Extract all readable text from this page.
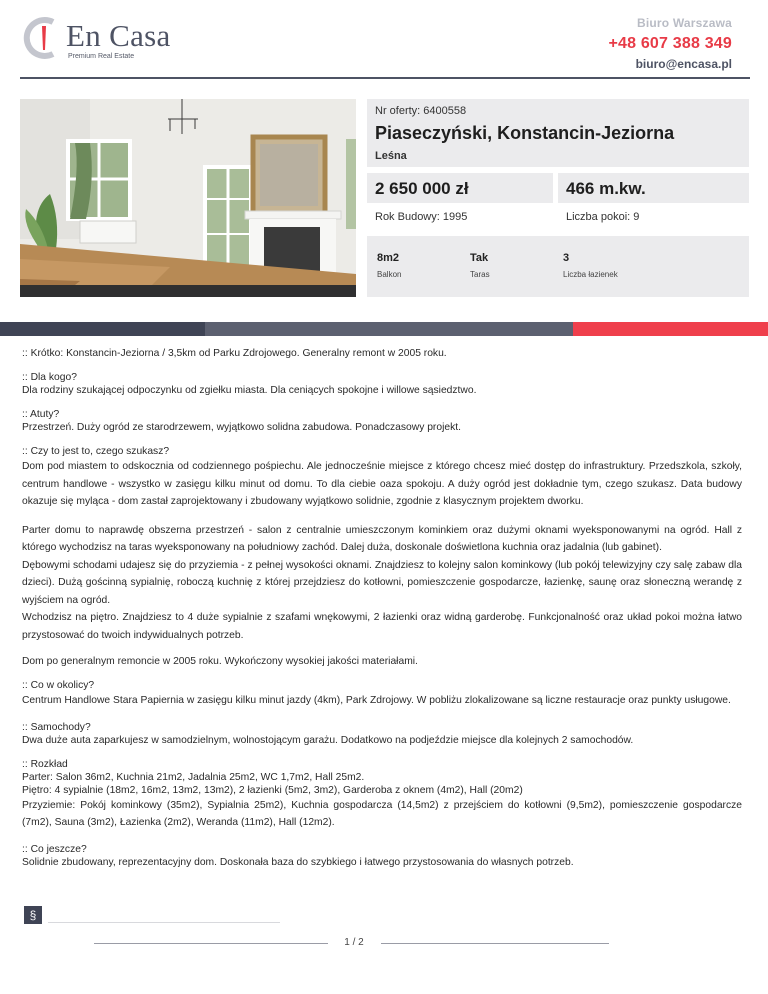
En Casa
Premium Real Estate
Biuro Warszawa
+48 607 388 349
biuro@encasa.pl
Nr oferty: 6400558
Piaseczyński, Konstancin-Jeziorna
Leśna
2 650 000 zł	466 m.kw.
Rok Budowy: 1995	Liczba pokoi: 9
8m2
Balkon
Tak
Taras
3
Liczba łazienek

:: Krótko: Konstancin-Jeziorna / 3,5km od Parku Zdrojowego. Generalny remont w 2005 roku.

:: Dla kogo?
Dla rodziny szukającej odpoczynku od zgiełku miasta. Dla ceniących spokojne i willowe sąsiedztwo.

:: Atuty?
Przestrzeń. Duży ogród ze starodrzewem, wyjątkowo solidna zabudowa. Ponadczasowy projekt.

:: Czy to jest to, czego szukasz?
Dom pod miastem to odskocznia od codziennego pośpiechu. Ale jednocześnie miejsce z którego chcesz mieć dostęp do infrastruktury. Przedszkola, szkoły, centrum handlowe - wszystko w zasięgu kilku minut od domu. To dla ciebie oaza spokoju. A duży ogród jest dokładnie tym, czego szukasz. Data budowy okazuje się myląca - dom zastał zaprojektowany i zbudowany wyjątkowo solidnie, zgodnie z klasycznym projektem dworku.

Parter domu to naprawdę obszerna przestrzeń - salon z centralnie umieszczonym kominkiem oraz dużymi oknami wyeksponowanymi na ogród. Hall z którego wychodzisz na taras wyeksponowany na południowy zachód. Dalej duża, doskonale doświetlona kuchnia oraz jadalnia (lub gabinet).
Dębowymi schodami udajesz się do przyziemia - z pełnej wysokości oknami. Znajdziesz to kolejny salon kominkowy (lub pokój telewizyjny czy salę zabaw dla dzieci). Dużą gościnną sypialnię, roboczą kuchnię z której przejdziesz do kotłowni, pomieszczenie gospodarcze, łazienkę, saunę oraz słoneczną werandę z wyjściem na ogród.
Wchodzisz na piętro. Znajdziesz to 4 duże sypialnie z szafami wnękowymi, 2 łazienki oraz widną garderobę. Funkcjonalność oraz układ pokoi można łatwo przystosować do twoich indywidualnych potrzeb.

Dom po generalnym remoncie w 2005 roku. Wykończony wysokiej jakości materiałami.

:: Co w okolicy?
Centrum Handlowe Stara Papiernia w zasięgu kilku minut jazdy (4km), Park Zdrojowy. W pobliżu zlokalizowane są liczne restauracje oraz punkty usługowe.

:: Samochody?
Dwa duże auta zaparkujesz w samodzielnym, wolnostojącym garażu. Dodatkowo na podjeździe miejsce dla kolejnych 2 samochodów.

:: Rozkład
Parter: Salon 36m2, Kuchnia 21m2, Jadalnia 25m2, WC 1,7m2, Hall 25m2.
Piętro: 4 sypialnie (18m2, 16m2, 13m2, 13m2), 2 łazienki (5m2, 3m2), Garderoba z oknem (4m2), Hall (20m2)
Przyziemie: Pokój kominkowy (35m2), Sypialnia 25m2), Kuchnia gospodarcza (14,5m2) z przejściem do kotłowni (9,5m2), pomieszczenie gospodarcze (7m2), Sauna (3m2), Łazienka (2m2), Weranda (11m2), Hall (12m2).

:: Co jeszcze?
Solidnie zbudowany, reprezentacyjny dom. Doskonała baza do szybkiego i łatwego przystosowania do własnych potrzeb.

§
1 / 2
